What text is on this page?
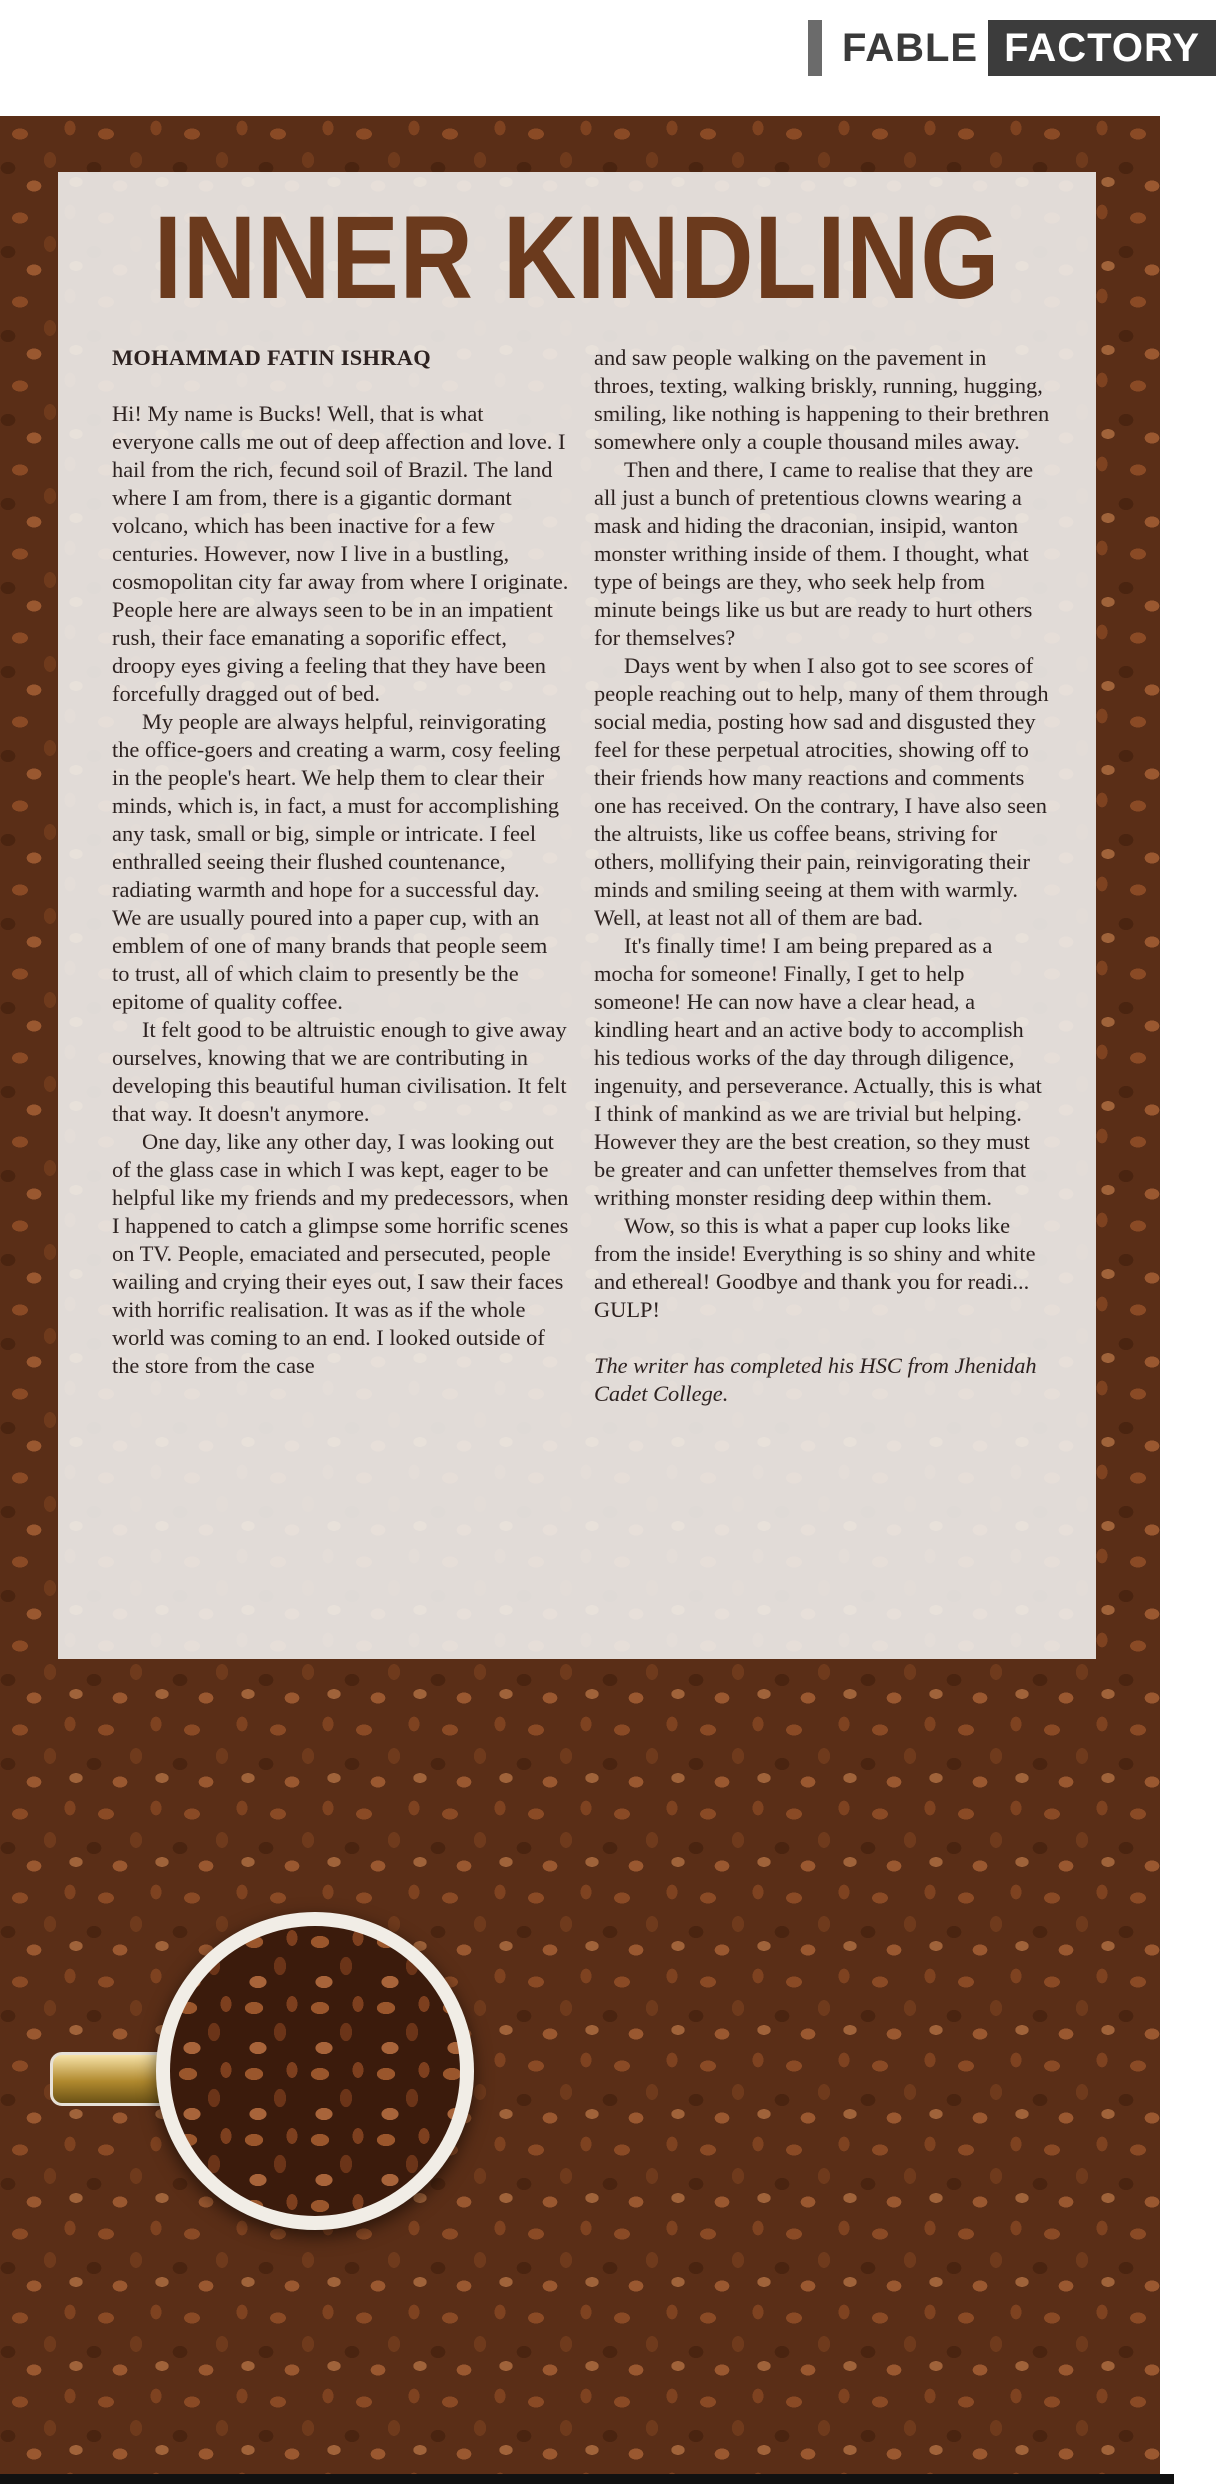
FABLE FACTORY
INNER KINDLING

MOHAMMAD FATIN ISHRAQ

Hi! My name is Bucks! Well, that is what everyone calls me out of deep affection and love. I hail from the rich, fecund soil of Brazil. The land where I am from, there is a gigantic dormant volcano, which has been inactive for a few centuries. However, now I live in a bustling, cosmopolitan city far away from where I originate. People here are always seen to be in an impatient rush, their face emanating a soporific effect, droopy eyes giving a feeling that they have been forcefully dragged out of bed.

My people are always helpful, reinvigorating the office-goers and creating a warm, cosy feeling in the people's heart. We help them to clear their minds, which is, in fact, a must for accomplishing any task, small or big, simple or intricate. I feel enthralled seeing their flushed countenance, radiating warmth and hope for a successful day. We are usually poured into a paper cup, with an emblem of one of many brands that people seem to trust, all of which claim to presently be the epitome of quality coffee.

It felt good to be altruistic enough to give away ourselves, knowing that we are contributing in developing this beautiful human civilisation. It felt that way. It doesn't anymore.

One day, like any other day, I was looking out of the glass case in which I was kept, eager to be helpful like my friends and my predecessors, when I happened to catch a glimpse some horrific scenes on TV. People, emaciated and persecuted, people wailing and crying their eyes out, I saw their faces with horrific realisation. It was as if the whole world was coming to an end. I looked outside of the store from the case

and saw people walking on the pavement in throes, texting, walking briskly, running, hugging, smiling, like nothing is happening to their brethren somewhere only a couple thousand miles away.

Then and there, I came to realise that they are all just a bunch of pretentious clowns wearing a mask and hiding the draconian, insipid, wanton monster writhing inside of them. I thought, what type of beings are they, who seek help from minute beings like us but are ready to hurt others for themselves?

Days went by when I also got to see scores of people reaching out to help, many of them through social media, posting how sad and disgusted they feel for these perpetual atrocities, showing off to their friends how many reactions and comments one has received. On the contrary, I have also seen the altruists, like us coffee beans, striving for others, mollifying their pain, reinvigorating their minds and smiling seeing at them with warmly. Well, at least not all of them are bad.

It's finally time! I am being prepared as a mocha for someone! Finally, I get to help someone! He can now have a clear head, a kindling heart and an active body to accomplish his tedious works of the day through diligence, ingenuity, and perseverance. Actually, this is what I think of mankind as we are trivial but helping. However they are the best creation, so they must be greater and can unfetter themselves from that writhing monster residing deep within them.

Wow, so this is what a paper cup looks like from the inside! Everything is so shiny and white and ethereal! Goodbye and thank you for readi... GULP!

The writer has completed his HSC from Jhenidah Cadet College.
